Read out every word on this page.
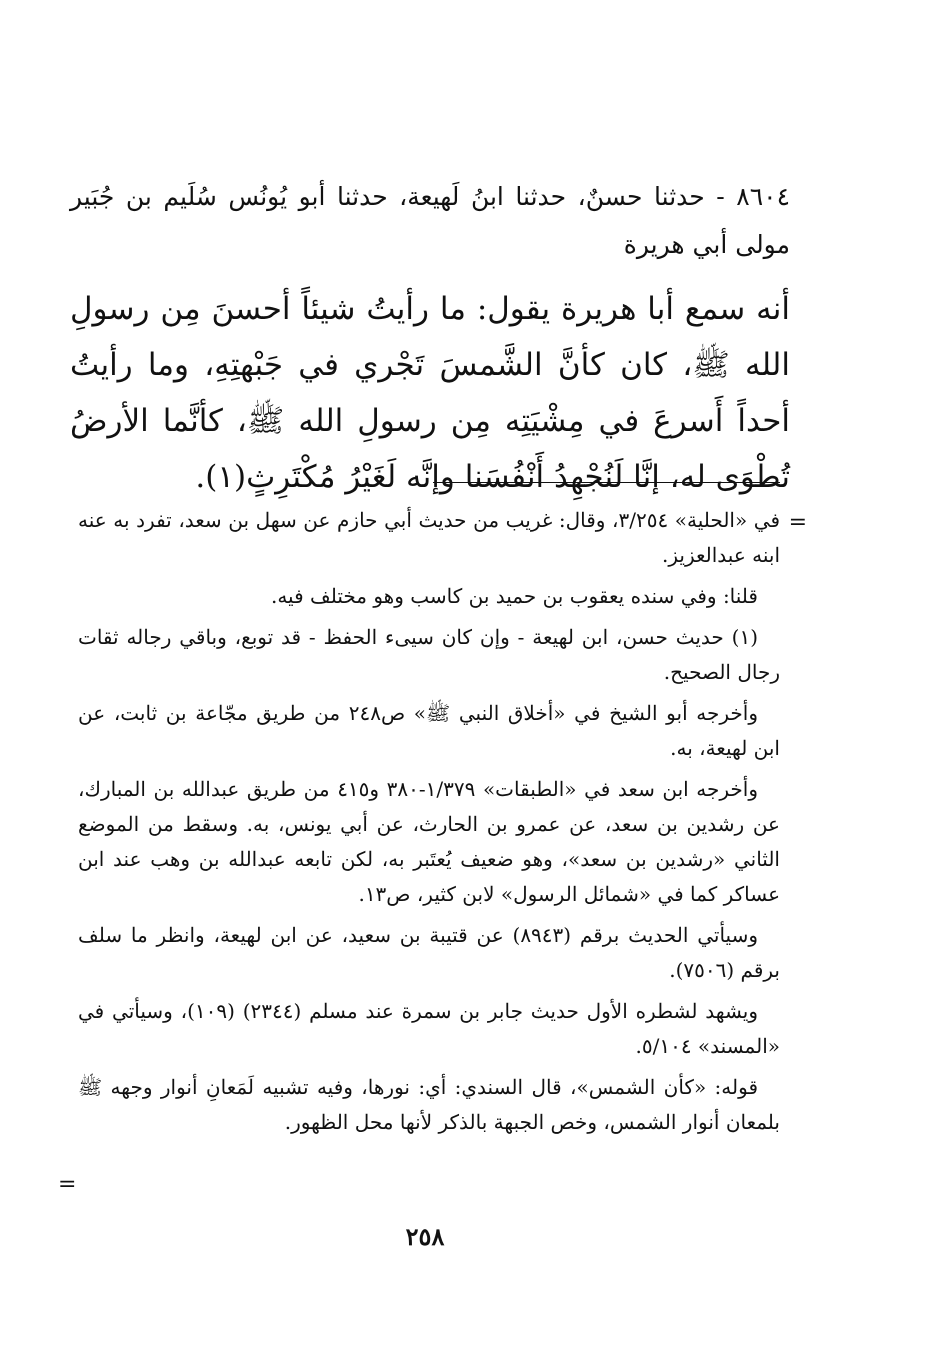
٨٦٠٤ - حدثنا حسنٌ، حدثنا ابنُ لَهيعة، حدثنا أبو يُونُس سُلَيم بن جُبَير مولى أبي هريرة

أنه سمع أبا هريرة يقول: ما رأيتُ شيئاً أحسنَ مِن رسولِ الله ﷺ، كان كأنَّ الشَّمسَ تَجْري في جَبْهتِهِ، وما رأيتُ أحداً أَسرعَ في مِشْيَتِه مِن رسولِ الله ﷺ، كأنَّما الأرضُ تُطْوَى له، إنَّا لَنُجْهِدُ أَنْفُسَنا وإنَّه لَغَيْرُ مُكْتَرِثٍ(١).

=

في «الحلية» ٣/٢٥٤، وقال: غريب من حديث أبي حازم عن سهل بن سعد، تفرد به عنه ابنه عبدالعزيز.

قلنا: وفي سنده يعقوب بن حميد بن كاسب وهو مختلف فيه.

(١) حديث حسن، ابن لهيعة - وإن كان سيىء الحفظ - قد توبع، وباقي رجاله ثقات رجال الصحيح.

وأخرجه أبو الشيخ في «أخلاق النبي ﷺ» ص٢٤٨ من طريق مجّاعة بن ثابت، عن ابن لهيعة، به.

وأخرجه ابن سعد في «الطبقات» ١/٣٧٩-٣٨٠ و٤١٥ من طريق عبدالله بن المبارك، عن رشدين بن سعد، عن عمرو بن الحارث، عن أبي يونس، به. وسقط من الموضع الثاني «رشدين بن سعد»، وهو ضعيف يُعتَبر به، لكن تابعه عبدالله بن وهب عند ابن عساكر كما في «شمائل الرسول» لابن كثير، ص١٣.

وسيأتي الحديث برقم (٨٩٤٣) عن قتيبة بن سعيد، عن ابن لهيعة، وانظر ما سلف برقم (٧٥٠٦).

ويشهد لشطره الأول حديث جابر بن سمرة عند مسلم (٢٣٤٤) (١٠٩)، وسيأتي في «المسند» ٥/١٠٤.

قوله: «كأن الشمس»، قال السندي: أي: نورها، وفيه تشبيه لَمَعانِ أنوار وجهه ﷺ بلمعان أنوار الشمس، وخص الجبهة بالذكر لأنها محل الظهور.

=
٢٥٨
